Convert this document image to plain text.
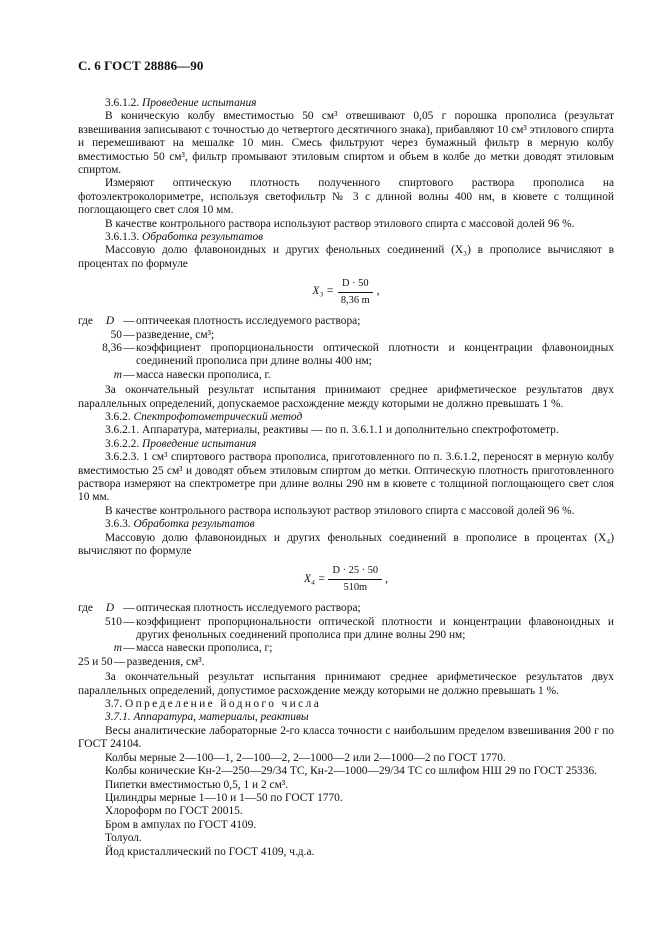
С. 6 ГОСТ 28886—90

3.6.1.2. Проведение испытания

В коническую колбу вместимостью 50 см³ отвешивают 0,05 г порошка прополиса (результат взвешивания записывают с точностью до четвертого десятичного знака), прибавляют 10 см³ этилового спирта и перемешивают на мешалке 10 мин. Смесь фильтруют через бумажный фильтр в мерную колбу вместимостью 50 см³, фильтр промывают этиловым спиртом и объем в колбе до метки доводят этиловым спиртом.

Измеряют оптическую плотность полученного спиртового раствора прополиса на фотоэлектроколориметре, используя светофильтр № 3 с длиной волны 400 нм, в кювете с толщиной поглощающего свет слоя 10 мм.

В качестве контрольного раствора используют раствор этилового спирта с массовой долей 96 %.

3.6.1.3. Обработка результатов

Массовую долю флавоноидных и других фенольных соединений (X₃) в прополисе вычисляют в процентах по формуле

$X_3 = \frac{D \cdot 50}{8,36 m}$ ,
где	D — оптичеекая плотность исследуемого раствора;
50 — разведение, см³;
8,36 — коэффициент пропорциональности оптической плотности и концентрации флавоноидных соединений прополиса при длине волны 400 нм;
m — масса навески прополиса, г.

За окончательный результат испытания принимают среднее арифметическое результатов двух параллельных определений, допускаемое расхождение между которыми не должно превышать 1 %.

3.6.2. Спектрофотометрический метод

3.6.2.1. Аппаратура, материалы, реактивы — по п. 3.6.1.1 и дополнительно спектрофотометр.

3.6.2.2. Проведение испытания

3.6.2.3. 1 см³ спиртового раствора прополиса, приготовленного по п. 3.6.1.2, переносят в мерную колбу вместимостью 25 см³ и доводят объем этиловым спиртом до метки. Оптическую плотность приготовленного раствора измеряют на спектрометре при длине волны 290 нм в кювете с толщиной поглощающего свет слоя 10 мм.

В качестве контрольного раствора используют раствор этилового спирта с массовой долей 96 %.

3.6.3. Обработка результатов

Массовую долю флавоноидных и других фенольных соединений в прополисе в процентах (X₄) вычисляют по формуле

$X_4 = \frac{D \cdot 25 \cdot 50}{510m}$ ,
где	D — оптическая плотность исследуемого раствора;
510 — коэффициент пропорциональности оптической плотности и концентрации флавоноидных и других фенольных соединений прополиса при длине волны 290 нм;
m — масса навески прополиса, г;
25 и 50 — разведения, см³.

За окончательный результат испытания принимают среднее арифметическое результатов двух параллельных определений, допустимое расхождение между которыми не должно превышать 1 %.

3.7. Определение йодного числа

3.7.1. Аппаратура, материалы, реактивы

Весы аналитические лабораторные 2-го класса точности с наибольшим пределом взвешивания 200 г по ГОСТ 24104.

Колбы мерные 2—100—1, 2—100—2, 2—1000—2 или 2—1000—2 по ГОСТ 1770.

Колбы конические Кн-2—250—29/34 ТС, Кн-2—1000—29/34 ТС со шлифом НШ 29 по ГОСТ 25336.

Пипетки вместимостью 0,5, 1 и 2 см³.

Цилиндры мерные 1—10 и 1—50 по ГОСТ 1770.

Хлороформ по ГОСТ 20015.

Бром в ампулах по ГОСТ 4109.

Толуол.

Йод кристаллический по ГОСТ 4109, ч.д.а.
